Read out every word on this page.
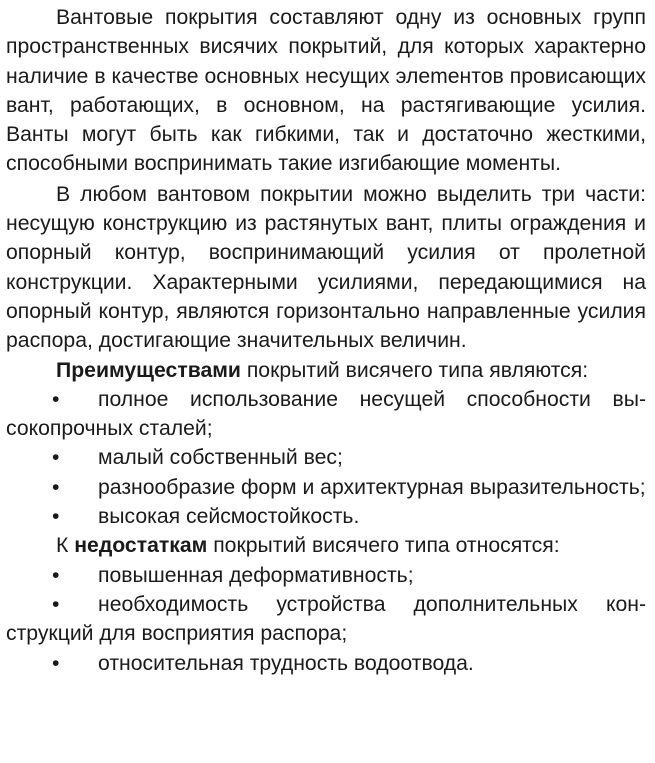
Вантовые покрытия составляют одну из основных групп пространственных висячих покрытий, для которых характерно наличие в качестве основных несущих элеmентов провисающих вант, работающих, в основном, на растягивающие усилия. Ванты могут быть как гибкими, так и достаточно жесткими, способными воспринимать такие изгибающие моменты.

В любом вантовом покрытии можно выделить три части: несущую конструкцию из растянутых вант, плиты ограждения и опорный контур, воспринимающий усилия от пролетной конструкции. Характерными усилиями, передающимися на опорный контур, являются горизонтально направленные усилия распора, достигающие значительных величин.

Преимуществами покрытий висячего типа являются:

• полное использование несущей способности высокопрочных сталей;

• малый собственный вес;

• разнообразие форм и архитектурная выразительность;

• высокая сейсмостойкость.

К недостаткам покрытий висячего типа относятся:

• повышенная деформативность;

• необходимость устройства дополнительных конструкций для восприятия распора;

• относительная трудность водоотвода.
